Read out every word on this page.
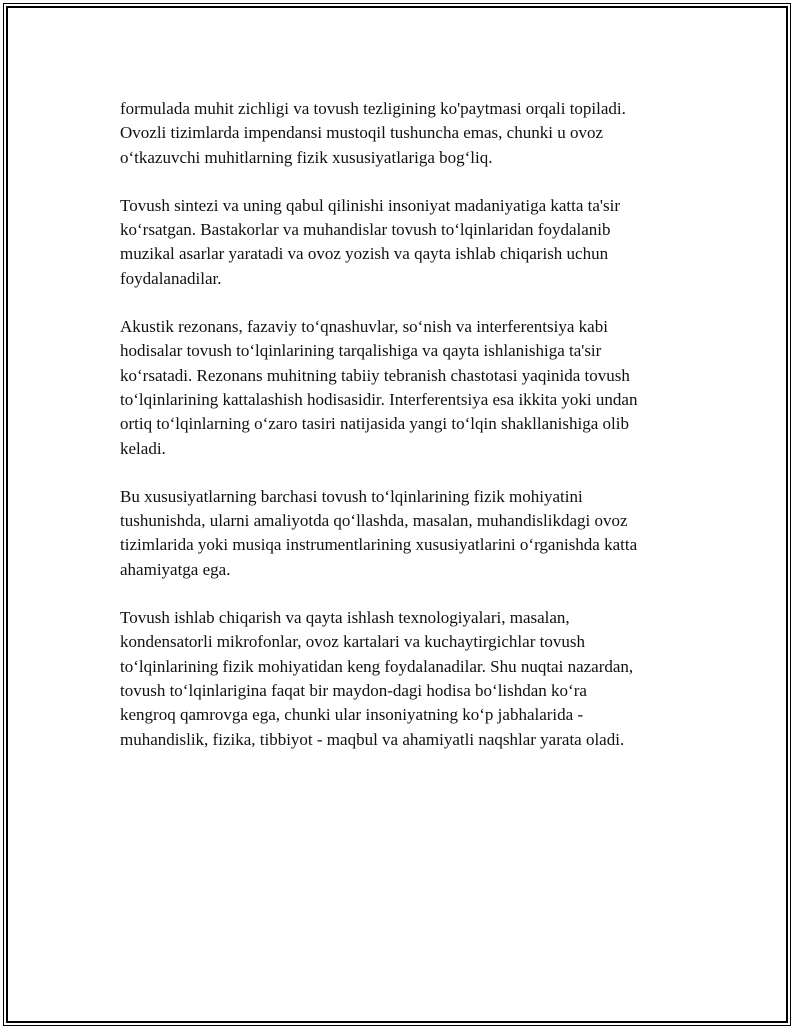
formulada muhit zichligi va tovush tezligining ko'paytmasi orqali topiladi.
Ovozli tizimlarda impendansi mustoqil tushuncha emas, chunki u ovoz
o‘tkazuvchi muhitlarning fizik xususiyatlariga bog‘liq.

Tovush sintezi va uning qabul qilinishi insoniyat madaniyatiga katta ta'sir
ko‘rsatgan. Bastakorlar va muhandislar tovush to‘lqinlaridan foydalanib
muzikal asarlar yaratadi va ovoz yozish va qayta ishlab chiqarish uchun
foydalanadilar.

Akustik rezonans, fazaviy to‘qnashuvlar, so‘nish va interferentsiya kabi
hodisalar tovush to‘lqinlarining tarqalishiga va qayta ishlanishiga ta'sir
ko‘rsatadi. Rezonans muhitning tabiiy tebranish chastotasi yaqinida tovush
to‘lqinlarining kattalashish hodisasidir. Interferentsiya esa ikkita yoki undan
ortiq to‘lqinlarning o‘zaro tasiri natijasida yangi to‘lqin shakllanishiga olib
keladi.

Bu xususiyatlarning barchasi tovush to‘lqinlarining fizik mohiyatini
tushunishda, ularni amaliyotda qo‘llashda, masalan, muhandislikdagi ovoz
tizimlarida yoki musiqa instrumentlarining xususiyatlarini o‘rganishda katta
ahamiyatga ega.

Tovush ishlab chiqarish va qayta ishlash texnologiyalari, masalan,
kondensatorli mikrofonlar, ovoz kartalari va kuchaytirgichlar tovush
to‘lqinlarining fizik mohiyatidan keng foydalanadilar. Shu nuqtai nazardan,
tovush to‘lqinlarigina faqat bir maydon-dagi hodisa bo‘lishdan ko‘ra
kengroq qamrovga ega, chunki ular insoniyatning ko‘p jabhalarida -
muhandislik, fizika, tibbiyot - maqbul va ahamiyatli naqshlar yarata oladi.
